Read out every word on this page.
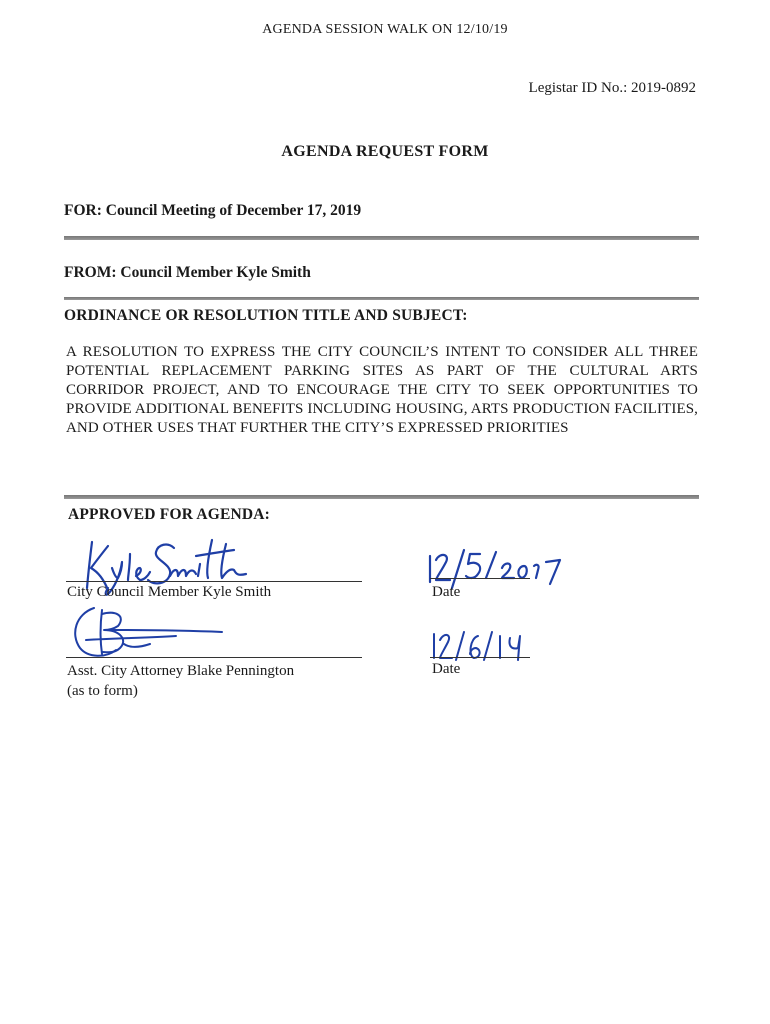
AGENDA SESSION WALK ON 12/10/19
Legistar ID No.: 2019-0892
AGENDA REQUEST FORM
FOR: Council Meeting of December 17, 2019
FROM: Council Member Kyle Smith
ORDINANCE OR RESOLUTION TITLE AND SUBJECT:
A RESOLUTION TO EXPRESS THE CITY COUNCIL’S INTENT TO CONSIDER ALL THREE POTENTIAL REPLACEMENT PARKING SITES AS PART OF THE CULTURAL ARTS CORRIDOR PROJECT, AND TO ENCOURAGE THE CITY TO SEEK OPPORTUNITIES TO PROVIDE ADDITIONAL BENEFITS INCLUDING HOUSING, ARTS PRODUCTION FACILITIES, AND OTHER USES THAT FURTHER THE CITY’S EXPRESSED PRIORITIES
APPROVED FOR AGENDA:
City Council Member Kyle Smith	Date
Asst. City Attorney Blake Pennington
(as to form)
Date
